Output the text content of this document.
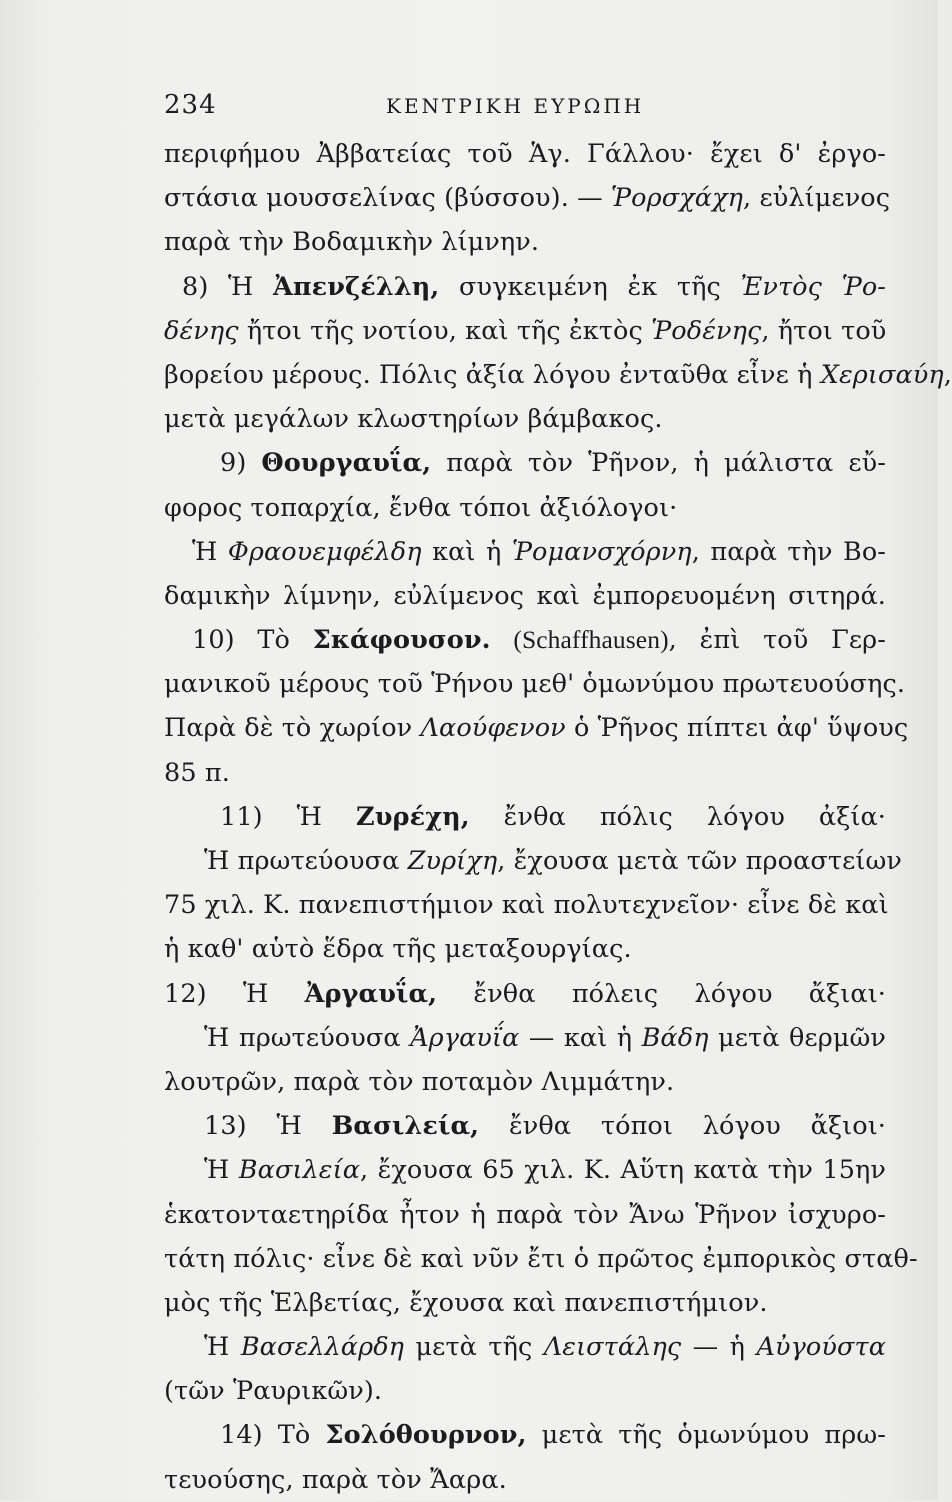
234	ΚΕΝΤΡΙΚΗ ΕΥΡΩΠΗ
περιφήμου Ἀββατείας τοῦ Ἁγ. Γάλλου· ἔχει δ' ἐργο-
στάσια μουσσελίνας (βύσσου). — Ῥορσχάχη, εὐλίμενος
παρὰ τὴν Βοδαμικὴν λίμνην.
8) Ἡ Ἀπενζέλλη, συγκειμένη ἐκ τῆς Ἐντὸς Ῥο-
δένης ἤτοι τῆς νοτίου, καὶ τῆς ἐκτὸς Ῥοδένης, ἤτοι τοῦ
βορείου μέρους. Πόλις ἀξία λόγου ἐνταῦθα εἶνε ἡ Χερισαύη,
μετὰ μεγάλων κλωστηρίων βάμβακος.
9) Θουργαυΐα, παρὰ τὸν Ῥῆνον, ἡ μάλιστα εὔ-
φορος τοπαρχία, ἔνθα τόποι ἀξιόλογοι·
Ἡ Φραουεμφέλδη καὶ ἡ Ῥομανσχόρνη, παρὰ τὴν Βο-
δαμικὴν λίμνην, εὐλίμενος καὶ ἐμπορευομένη σιτηρά.
10) Τὸ Σκάφουσον. (Schaffhausen), ἐπὶ τοῦ Γερ-
μανικοῦ μέρους τοῦ Ῥήνου μεθ' ὁμωνύμου πρωτευούσης.
Παρὰ δὲ τὸ χωρίον Λαούφενον ὁ Ῥῆνος πίπτει ἀφ' ὕψους
85 π.
11) Ἡ Ζυρέχη, ἔνθα πόλις λόγου ἀξία·
Ἡ πρωτεύουσα Ζυρίχη, ἔχουσα μετὰ τῶν προαστείων
75 χιλ. Κ. πανεπιστήμιον καὶ πολυτεχνεῖον· εἶνε δὲ καὶ
ἡ καθ' αὑτὸ ἕδρα τῆς μεταξουργίας.
12) Ἡ Ἀργαυΐα, ἔνθα πόλεις λόγου ἄξιαι·
Ἡ πρωτεύουσα Ἀργαυΐα — καὶ ἡ Βάδη μετὰ θερμῶν
λουτρῶν, παρὰ τὸν ποταμὸν Λιμμάτην.
13) Ἡ Βασιλεία, ἔνθα τόποι λόγου ἄξιοι·
Ἡ Βασιλεία, ἔχουσα 65 χιλ. Κ. Αὕτη κατὰ τὴν 15ην
ἑκατονταετηρίδα ἦτον ἡ παρὰ τὸν Ἄνω Ῥῆνον ἰσχυρο-
τάτη πόλις· εἶνε δὲ καὶ νῦν ἔτι ὁ πρῶτος ἐμπορικὸς σταθ-
μὸς τῆς Ἑλβετίας, ἔχουσα καὶ πανεπιστήμιον.
Ἡ Βασελλάρδη μετὰ τῆς Λειστάλης — ἡ Αὐγούστα
(τῶν Ῥαυρικῶν).
14) Τὸ Σολόθουρνον, μετὰ τῆς ὁμωνύμου πρω-
τευούσης, παρὰ τὸν Ἄαρα.
